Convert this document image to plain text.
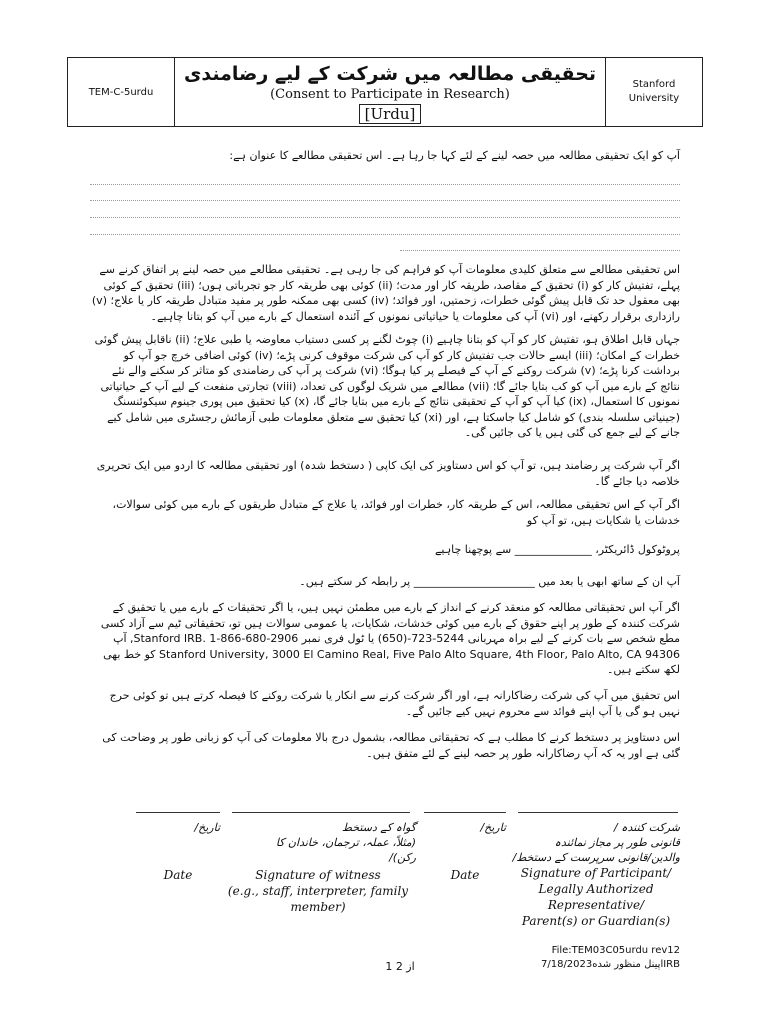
TEM-C-5urdu
تحقیقی مطالعہ میں شرکت کے لیے رضامندی
(Consent to Participate in Research)
[Urdu]
Stanford
University
آپ کو ایک تحقیقی مطالعہ میں حصہ لینے کے لئے کہا جا رہا ہے۔ اس تحقیقی مطالعے کا عنوان ہے:
اس تحقیقی مطالعے سے متعلق کلیدی معلومات آپ کو فراہم کی جا رہی ہے۔ تحقیقی مطالعے میں حصہ لینے پر اتفاق کرنے سے پہلے، تفتیش کار کو (i) تحقیق کے مقاصد، طریقہ کار اور مدت؛ (ii) کوئی بھی طریقہ کار جو تجرباتی ہوں؛ (iii) تحقیق کے کوئی بھی معقول حد تک قابل پیش گوئی خطرات، زحمتیں، اور فوائد؛ (iv) کسی بھی ممکنہ طور پر مفید متبادل طریقہ کار یا علاج؛ (v) رازداری برقرار رکھنے، اور (vi) آپ کی معلومات یا حیاتیاتی نمونوں کے آئندہ استعمال کے بارے میں آپ کو بتانا چاہیے۔
جہاں قابل اطلاق ہو، تفتیش کار کو آپ کو بتانا چاہیے (i) چوٹ لگنے پر کسی دستیاب معاوضہ یا طبی علاج؛ (ii) ناقابل پیش گوئی خطرات کے امکان؛ (iii) ایسے حالات جب تفتیش کار کو آپ کی شرکت موقوف کرنی پڑے؛ (iv) کوئی اضافی خرچ جو آپ کو برداشت کرنا پڑے؛ (v) شرکت روکنے کے آپ کے فیصلے پر کیا ہوگا؛ (vi) شرکت پر آپ کی رضامندی کو متاثر کر سکنے والے نئے نتائج کے بارے میں آپ کو کب بتایا جائے گا؛ (vii) مطالعے میں شریک لوگوں کی تعداد، (viii) تجارتی منفعت کے لیے آپ کے حیاتیاتی نمونوں کا استعمال، (ix) کیا آپ کو آپ کے تحقیقی نتائج کے بارے میں بتایا جائے گا، (x) کیا تحقیق میں پوری جینوم سیکوئنسنگ (جینیاتی سلسلہ بندی) کو شامل کیا جاسکتا ہے، اور (xi) کیا تحقیق سے متعلق معلومات طبی آزمائش رجسٹری میں شامل کیے جانے کے لیے جمع کی گئی ہیں یا کی جائیں گی۔
اگر آپ شرکت پر رضامند ہیں، تو آپ کو اس دستاویز کی ایک کاپی ( دستخط شدہ) اور تحقیقی مطالعہ کا اردو میں ایک تحریری خلاصہ دیا جائے گا۔
اگر آپ کے اس تحقیقی مطالعہ، اس کے طریقہ کار، خطرات اور فوائد، یا علاج کے متبادل طریقوں کے بارے میں کوئی سوالات، خدشات یا شکایات ہیں، تو آپ کو
پروٹوکول ڈائریکٹر، ______________ سے پوچھنا چاہیے
آپ ان کے ساتھ ابھی یا بعد میں ______________________ پر رابطہ کر سکتے ہیں۔
اگر آپ اس تحقیقاتی مطالعہ کو منعقد کرنے کے انداز کے بارے میں مطمئن نہیں ہیں، یا اگر تحقیقات کے بارے میں یا تحقیق کے شرکت کنندہ کے طور پر اپنے حقوق کے بارے میں کوئی خدشات، شکایات، یا عمومی سوالات ہیں تو، تحقیقاتی ٹیم سے آزاد کسی مطع شخص سے بات کرنے کے لیے براہ مہربانی 5244-723-(650) یا ٹول فری نمبر 2906-680-866-1 .Stanford IRB, آپ Stanford University, 3000 El Camino Real, Five Palo Alto Square, 4th Floor, Palo Alto, CA 94306 کو خط بھی لکھ سکتے ہیں۔
اس تحقیق میں آپ کی شرکت رضاکارانہ ہے، اور اگر شرکت کرنے سے انکار یا شرکت روکنے کا فیصلہ کرتے ہیں تو کوئی حرج نہیں ہو گی یا آپ اپنے فوائد سے محروم نہیں کیے جائیں گے۔
اس دستاویز پر دستخط کرنے کا مطلب ہے کہ تحقیقاتی مطالعہ، بشمول درج بالا معلومات کی آپ کو زبانی طور پر وضاحت کی گئی ہے اور یہ کہ آپ رضاکارانہ طور پر حصہ لینے کے لئے متفق ہیں۔
تاریخ/
Date
گواہ کے دستخط
(مثلاً، عملہ، ترجمان، خاندان کا
رکن)/
Signature of witness
(e.g., staff, interpreter, family
member)
تاریخ/
Date
شرکت کنندہ /
قانونی طور پر مجاز نمائندہ
والدین/قانونی سرپرست کے دستخط/
Signature of Participant/
Legally Authorized
Representative/
Parent(s) or Guardian(s)
1 از 2
File:TEM03C05urdu rev12
IRBاپینل منظور شده7/18/2023
